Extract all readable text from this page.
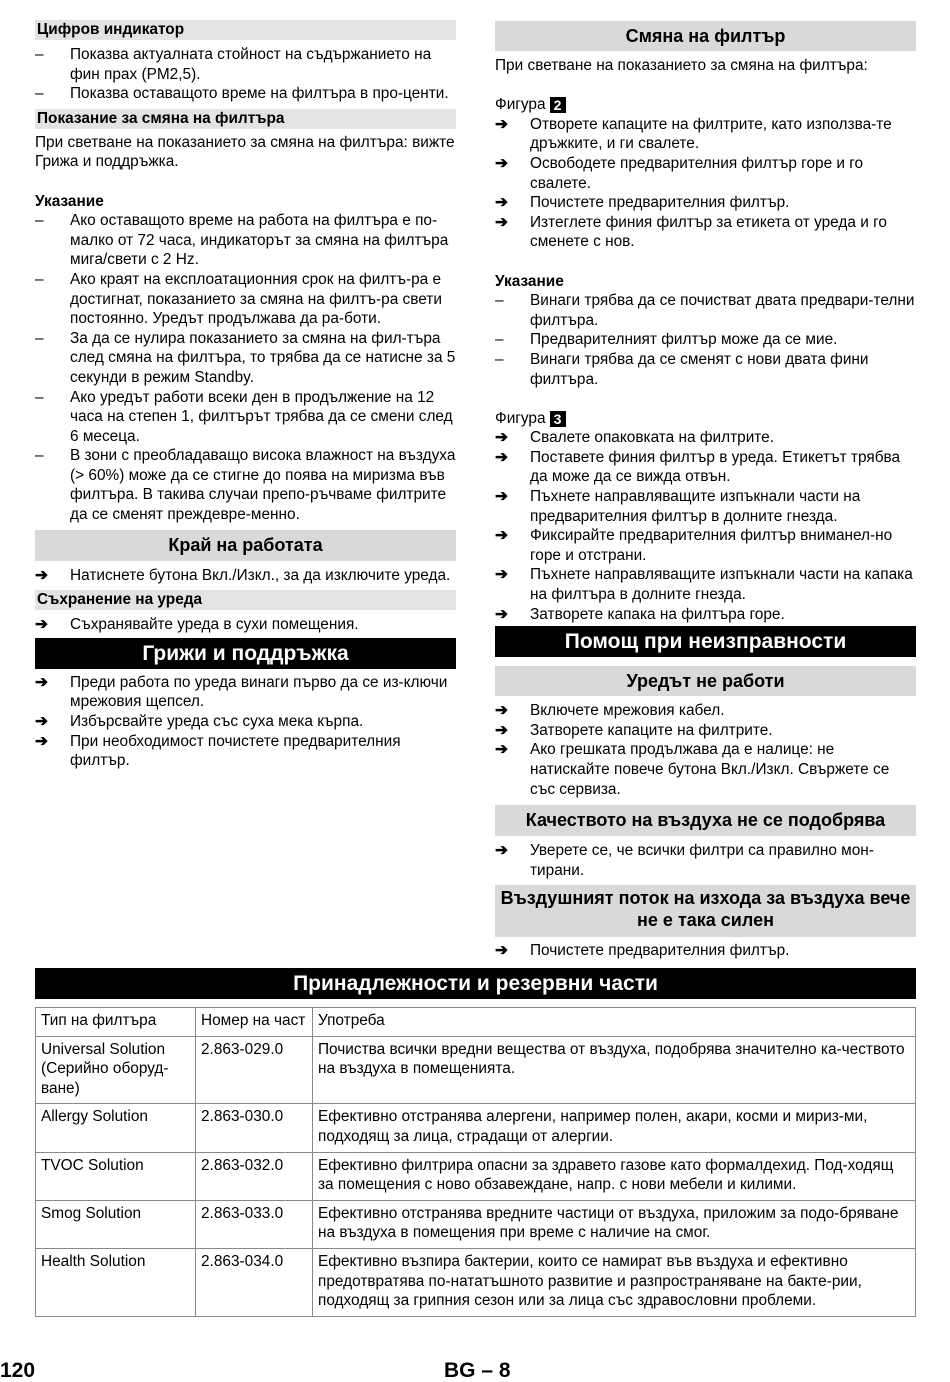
Цифров индикатор
–	Показва актуалната стойност на съдържанието на фин прах (PM2,5).
–	Показва оставащото време на филтъра в про-центи.
Показание за смяна на филтъра

При светване на показанието за смяна на филтъра: вижте Грижа и поддръжка.

Указание

–	Ако оставащото време на работа на филтъра е по-малко от 72 часа, индикаторът за смяна на филтъра мига/свети с 2 Hz.
–	Ако краят на експлоатационния срок на филтъ-ра е достигнат, показанието за смяна на филтъ-ра свети постоянно. Уредът продължава да ра-боти.
–	За да се нулира показанието за смяна на фил-търа след смяна на филтъра, то трябва да се натисне за 5 секунди в режим Standby.
–	Ако уредът работи всеки ден в продължение на 12 часа на степен 1, филтърът трябва да се смени след 6 месеца.
–	В зони с преобладаващо висока влажност на въздуха (> 60%) може да се стигне до поява на миризма във филтъра. В такива случаи препо-ръчваме филтрите да се сменят преждевре-менно.
Край на работата
➔	Натиснете бутона Вкл./Изкл., за да изключите уреда.
Съхранение на уреда
➔	Съхранявайте уреда в сухи помещения.
Грижи и поддръжка
➔	Преди работа по уреда винаги първо да се из-ключи мрежовия щепсел.
➔	Избърсвайте уреда със суха мека кърпа.
➔	При необходимост почистете предварителния филтър.
Смяна на филтър

При светване на показанието за смяна на филтъра:

Фигура 2

➔	Отворете капаците на филтрите, като използва-те дръжките, и ги свалете.
➔	Освободете предварителния филтър горе и го свалете.
➔	Почистете предварителния филтър.
➔	Изтеглете финия филтър за етикета от уреда и го сменете с нов.

Указание

–	Винаги трябва да се почистват двата предвари-телни филтъра.
–	Предварителният филтър може да се мие.
–	Винаги трябва да се сменят с нови двата фини филтъра.

Фигура 3

➔	Свалете опаковката на филтрите.
➔	Поставете финия филтър в уреда. Етикетът трябва да може да се вижда отвън.
➔	Пъхнете направляващите изпъкнали части на предварителния филтър в долните гнезда.
➔	Фиксирайте предварителния филтър вниманел-но горе и отстрани.
➔	Пъхнете направляващите изпъкнали части на капака на филтъра в долните гнезда.
➔	Затворете капака на филтъра горе.
Помощ при неизправности
Уредът не работи
➔	Включете мрежовия кабел.
➔	Затворете капаците на филтрите.
➔	Ако грешката продължава да е налице: не натискайте повече бутона Вкл./Изкл. Свържете се със сервиза.
Качеството на въздуха не се подобрява
➔	Уверете се, че всички филтри са правилно мон-тирани.
Въздушният поток на изхода за въздуха вече не е така силен
➔	Почистете предварителния филтър.
Принадлежности и резервни части
Тип на филтъра	Номер на част	Употреба
Universal Solution (Серийно оборуд-ване)	2.863-029.0	Почиства всички вредни вещества от въздуха, подобрява значително ка-чеството на въздуха в помещенията.
Allergy Solution	2.863-030.0	Ефективно отстранява алергени, например полен, акари, косми и мириз-ми, подходящ за лица, страдащи от алергии.
TVOC Solution	2.863-032.0	Ефективно филтрира опасни за здравето газове като формалдехид. Под-ходящ за помещения с ново обзавеждане, напр. с нови мебели и килими.
Smog Solution	2.863-033.0	Ефективно отстранява вредните частици от въздуха, приложим за подо-бряване на въздуха в помещения при време с наличие на смог.
Health Solution	2.863-034.0	Ефективно възпира бактерии, които се намират във въздуха и ефективно предотвратява по-нататъшното развитие и разпространяване на бакте-рии, подходящ за грипния сезон или за лица със здравословни проблеми.
120	BG – 8
